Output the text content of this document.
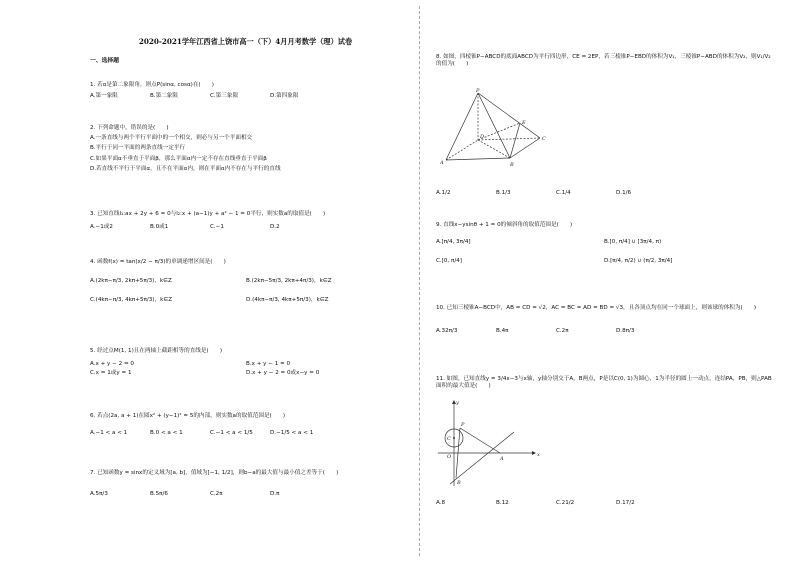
2020-2021学年江西省上饶市高一（下）4月月考数学（理）试卷
一、选择题
1. 若α是第二象限角，则点P(sinα, cosα)在(　　)
A.第一象限	B.第二象限	C.第三象限	D.第四象限
2. 下列命题中，错误的是(　　)
A.一条直线与两个平行平面中的一个相交，则必与另一个平面相交
B.平行于同一平面的两条直线一定平行
C.如果平面α不垂直于平面β，那么平面α内一定不存在直线垂直于平面β
D.若直线不平行于平面α，且不在平面α内，则在平面α内不存在与平行的直线
3. 已知直线l₁:ax + 2y + 6 = 0与l₂:x + (a−1)y + a² − 1 = 0平行，则实数a的取值是(　　)
A.−1或2	B.0或1	C.−1	D.2
4. 函数f(x) = tan(x/2 − π/3)的单调递增区间是(　　)
A.(2kπ−π/3, 2kπ+5π/3)，k∈Z	B.(2kπ−5π/3, 2kπ+4π/3)，k∈Z
C.(4kπ−π/3, 4kπ+5π/3)，k∈Z	D.(4kπ−π/3, 4kπ+5π/3)，k∈Z
5. 经过点M(1, 1)且在两轴上截距相等的直线是(　　)
A.x + y − 2 = 0	B.x + y − 1 = 0
C.x = 1或y = 1	D.x + y − 2 = 0或x−y = 0
6. 若点(2a, a + 1)在圆x² + (y−1)² = 5的内部，则实数a的取值范围是(　　)
A.−1 < a < 1	B.0 < a < 1	C.−1 < a < 1/5	D.−1/5 < a < 1
7. 已知函数y = sinx的定义域为[a, b]，值域为[−1, 1/2]，则b−a的最大值与最小值之差等于(　　)
A.5π/3	B.5π/6	C.2π	D.π
8. 如图，四棱锥P−ABCD的底面ABCD为平行四边形，CE = 2EP，若三棱锥P−EBD的体积为V₁，三棱锥P−ABD的体积为V₂，则V₁/V₂的值为(　　)
P
E
A	B
C
D
A.1/2	B.1/3	C.1/4	D.1/6
9. 直线x−ysinθ + 1 = 0的倾斜角的取值范围是(　　)
A.[π/4, 3π/4]	B.[0, π/4] ∪ [3π/4, π)
C.[0, π/4]	D.[π/4, π/2) ∪ (π/2, 3π/4]
10. 已知三棱锥A−BCD中，AB = CD = √2，AC = BC = AD = BD = √3，且各顶点均在同一个球面上，则该球的体积为(　　)
A.32π/3	B.4π	C.2π	D.8π/3
11. 如图，已知直线y = 3/4x−3与x轴，y轴分别交于A，B两点，P是以C(0, 1)为圆心，1为半径的圆上一动点，连结PA，PB，则△PAB面积的最大值是(　　)
y
x
P
C
O	A
B
A.8	B.12	C.21/2	D.17/2
